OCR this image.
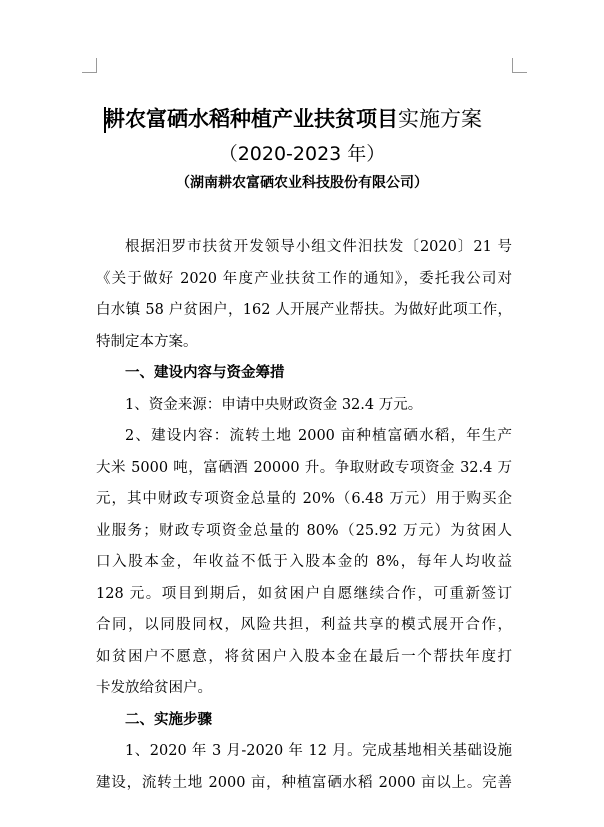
耕农富硒水稻种植产业扶贫项目实施方案
（2020-2023 年）
（湖南耕农富硒农业科技股份有限公司）
根据汨罗市扶贫开发领导小组文件汨扶发〔2020〕21 号
《关于做好 2020 年度产业扶贫工作的通知》，委托我公司对
白水镇 58 户贫困户，162 人开展产业帮扶。为做好此项工作，
特制定本方案。
一、建设内容与资金筹措
1、资金来源：申请中央财政资金 32.4 万元。
2、建设内容：流转土地 2000 亩种植富硒水稻，年生产
大米 5000 吨，富硒酒 20000 升。争取财政专项资金 32.4 万
元，其中财政专项资金总量的 20%（6.48 万元）用于购买企
业服务；财政专项资金总量的 80%（25.92 万元）为贫困人
口入股本金，年收益不低于入股本金的 8%，每年人均收益
128 元。项目到期后，如贫困户自愿继续合作，可重新签订
合同，以同股同权，风险共担，利益共享的模式展开合作，
如贫困户不愿意，将贫困户入股本金在最后一个帮扶年度打
卡发放给贫困户。
二、实施步骤
1、2020 年 3 月-2020 年 12 月。完成基地相关基础设施
建设，流转土地 2000 亩，种植富硒水稻 2000 亩以上。完善
